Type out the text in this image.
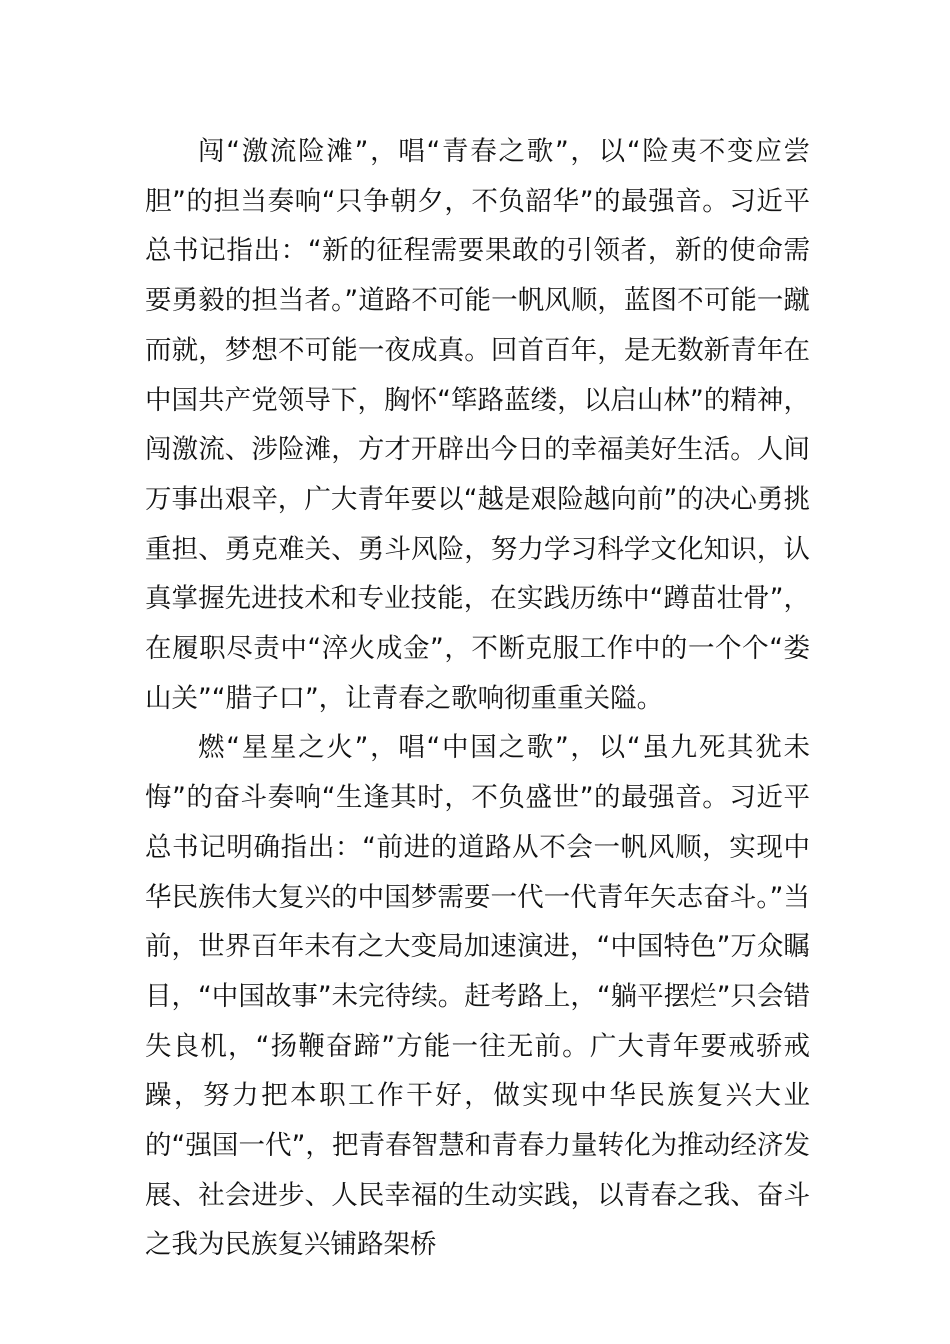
闯“激流险滩”，唱“青春之歌”，以“险夷不变应尝胆”的担当奏响“只争朝夕，不负韶华”的最强音。习近平总书记指出：“新的征程需要果敢的引领者，新的使命需要勇毅的担当者。”道路不可能一帆风顺，蓝图不可能一蹴而就，梦想不可能一夜成真。回首百年，是无数新青年在中国共产党领导下，胸怀“筚路蓝缕，以启山林”的精神，闯激流、涉险滩，方才开辟出今日的幸福美好生活。人间万事出艰辛，广大青年要以“越是艰险越向前”的决心勇挑重担、勇克难关、勇斗风险，努力学习科学文化知识，认真掌握先进技术和专业技能，在实践历练中“蹲苗壮骨”，在履职尽责中“淬火成金”，不断克服工作中的一个个“娄山关”“腊子口”，让青春之歌响彻重重关隘。

燃“星星之火”，唱“中国之歌”，以“虽九死其犹未悔”的奋斗奏响“生逢其时，不负盛世”的最强音。习近平总书记明确指出：“前进的道路从不会一帆风顺，实现中华民族伟大复兴的中国梦需要一代一代青年矢志奋斗。”当前，世界百年未有之大变局加速演进，“中国特色”万众瞩目，“中国故事”未完待续。赶考路上，“躺平摆烂”只会错失良机，“扬鞭奋蹄”方能一往无前。广大青年要戒骄戒躁，努力把本职工作干好，做实现中华民族复兴大业的“强国一代”，把青春智慧和青春力量转化为推动经济发展、社会进步、人民幸福的生动实践，以青春之我、奋斗之我为民族复兴铺路架桥
